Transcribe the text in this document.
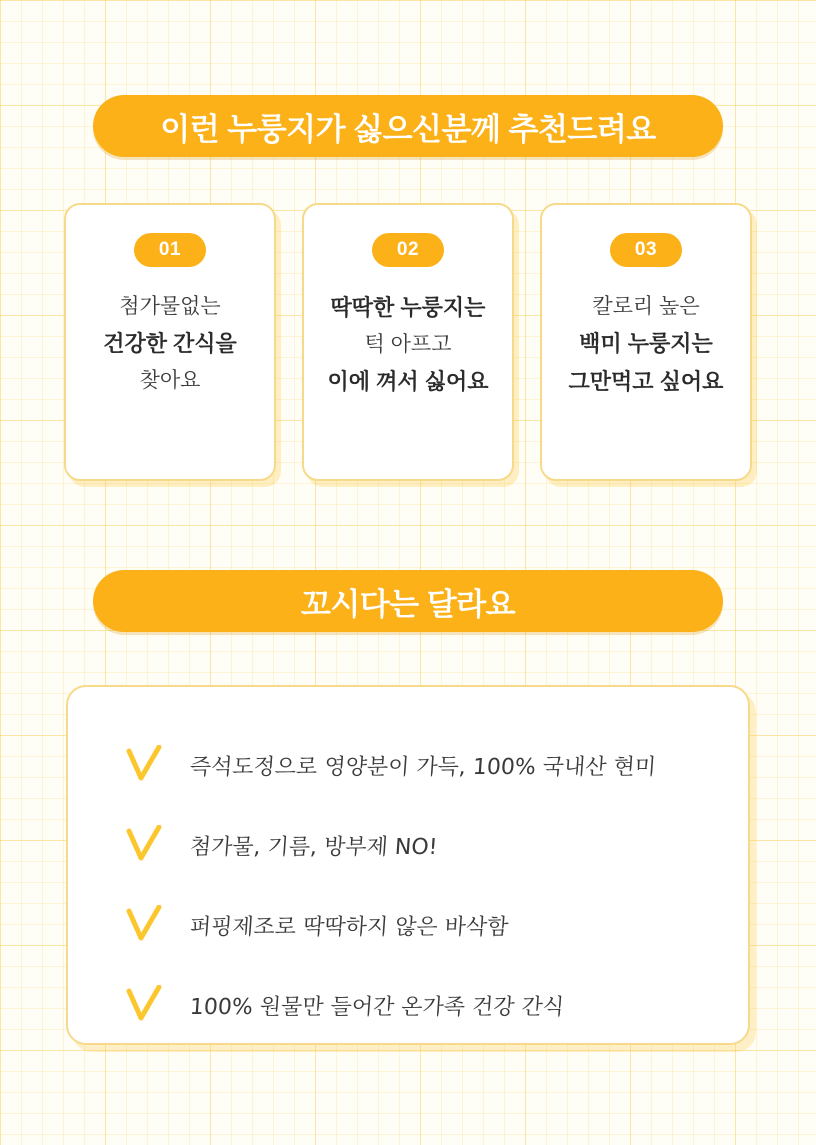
이런 누룽지가 싫으신분께 추천드려요
01
첨가물없는
건강한 간식을
찾아요
02
딱딱한 누룽지는
턱 아프고
이에 껴서 싫어요
03
칼로리 높은
백미 누룽지는
그만먹고 싶어요
꼬시다는 달라요
즉석도정으로 영양분이 가득, 100% 국내산 현미
첨가물, 기름, 방부제 NO!
퍼핑제조로 딱딱하지 않은 바삭함
100% 원물만 들어간 온가족 건강 간식
